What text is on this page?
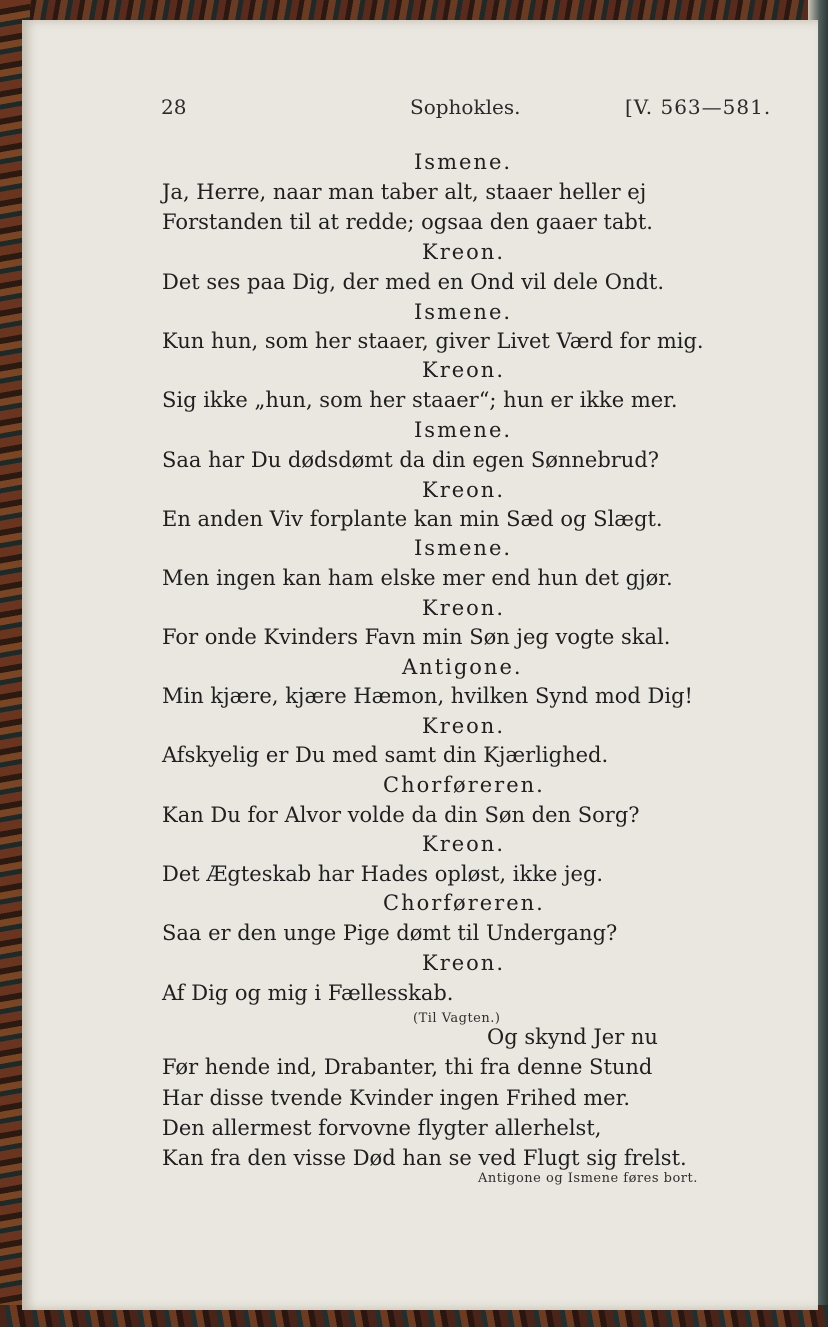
28	Sophokles.	[V. 563—581.
Ismene.
Ja, Herre, naar man taber alt, staaer heller ej
Forstanden til at redde; ogsaa den gaaer tabt.
Kreon.
Det ses paa Dig, der med en Ond vil dele Ondt.
Ismene.
Kun hun, som her staaer, giver Livet Værd for mig.
Kreon.
Sig ikke „hun, som her staaer“; hun er ikke mer.
Ismene.
Saa har Du dødsdømt da din egen Sønnebrud?
Kreon.
En anden Viv forplante kan min Sæd og Slægt.
Ismene.
Men ingen kan ham elske mer end hun det gjør.
Kreon.
For onde Kvinders Favn min Søn jeg vogte skal.
Antigone.
Min kjære, kjære Hæmon, hvilken Synd mod Dig!
Kreon.
Afskyelig er Du med samt din Kjærlighed.
Chorføreren.
Kan Du for Alvor volde da din Søn den Sorg?
Kreon.
Det Ægteskab har Hades opløst, ikke jeg.
Chorføreren.
Saa er den unge Pige dømt til Undergang?
Kreon.
Af Dig og mig i Fællesskab.
(Til Vagten.)
Og skynd Jer nu
Før hende ind, Drabanter, thi fra denne Stund
Har disse tvende Kvinder ingen Frihed mer.
Den allermest forvovne flygter allerhelst,
Kan fra den visse Død han se ved Flugt sig frelst.
Antigone og Ismene føres bort.
